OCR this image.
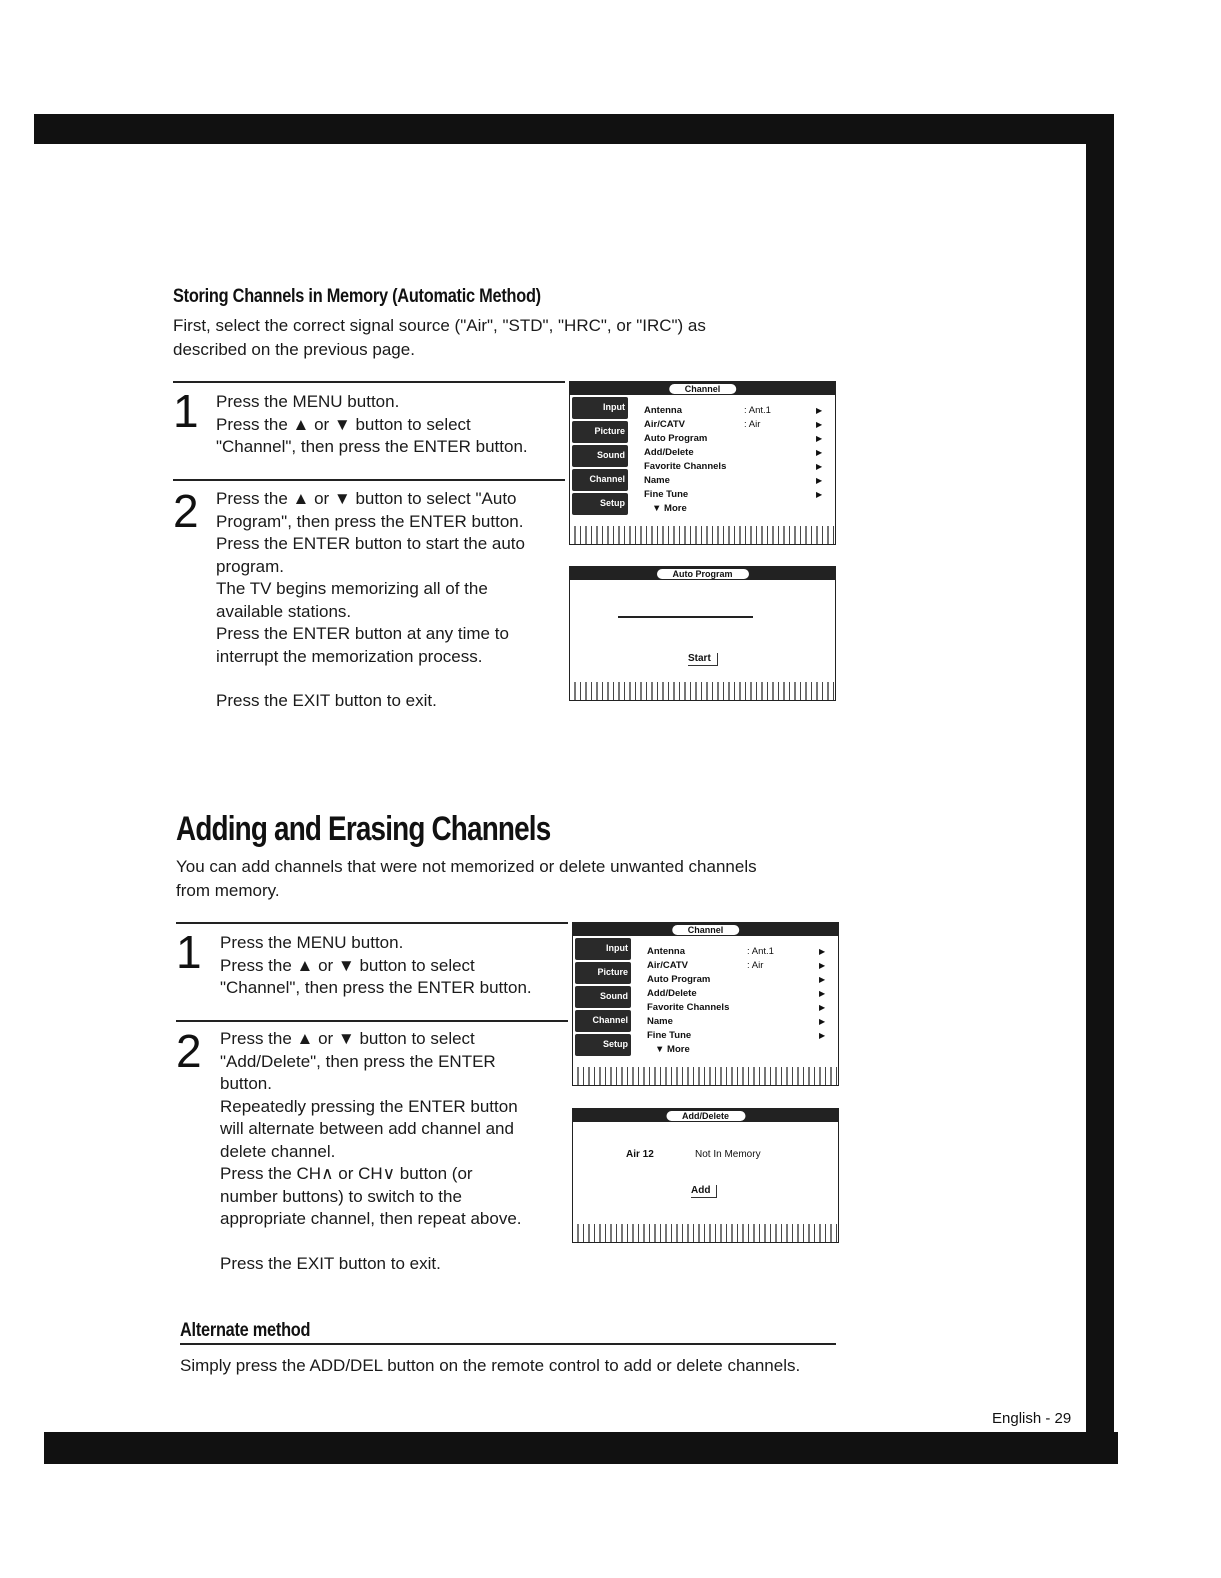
Storing Channels in Memory (Automatic Method)
First, select the correct signal source ("Air", "STD", "HRC", or "IRC") as
described on the previous page.
1 Press the MENU button.

Press the ▲ or ▼ button to select

"Channel", then press the ENTER button.

2 Press the ▲ or ▼ button to select "Auto

Program", then press the ENTER button.

Press the ENTER button to start the auto

program.

The TV begins memorizing all of the

available stations.

Press the ENTER button at any time to

interrupt the memorization process.

Press the EXIT button to exit.

Channel
Input
Picture
Sound
Channel
Setup
Antenna	: Ant.1	▶
Air/CATV	: Air	▶
Auto Program	▶
Add/Delete	▶
Favorite Channels	▶
Name	▶
Fine Tune	▶
▼ More
Auto Program
Start
Adding and Erasing Channels
You can add channels that were not memorized or delete unwanted channels
from memory.
1 Press the MENU button.

Press the ▲ or ▼ button to select

"Channel", then press the ENTER button.

2 Press the ▲ or ▼ button to select

"Add/Delete", then press the ENTER

button.

Repeatedly pressing the ENTER button

will alternate between add channel and

delete channel.

Press the CH∧ or CH∨ button (or

number buttons) to switch to the

appropriate channel, then repeat above.

Press the EXIT button to exit.

Channel
Input
Picture
Sound
Channel
Setup
Antenna	: Ant.1	▶
Air/CATV	: Air	▶
Auto Program	▶
Add/Delete	▶
Favorite Channels	▶
Name	▶
Fine Tune	▶
▼ More
Add/Delete
Air 12	Not In Memory
Add
Alternate method
Simply press the ADD/DEL button on the remote control to add or delete channels.
English - 29
